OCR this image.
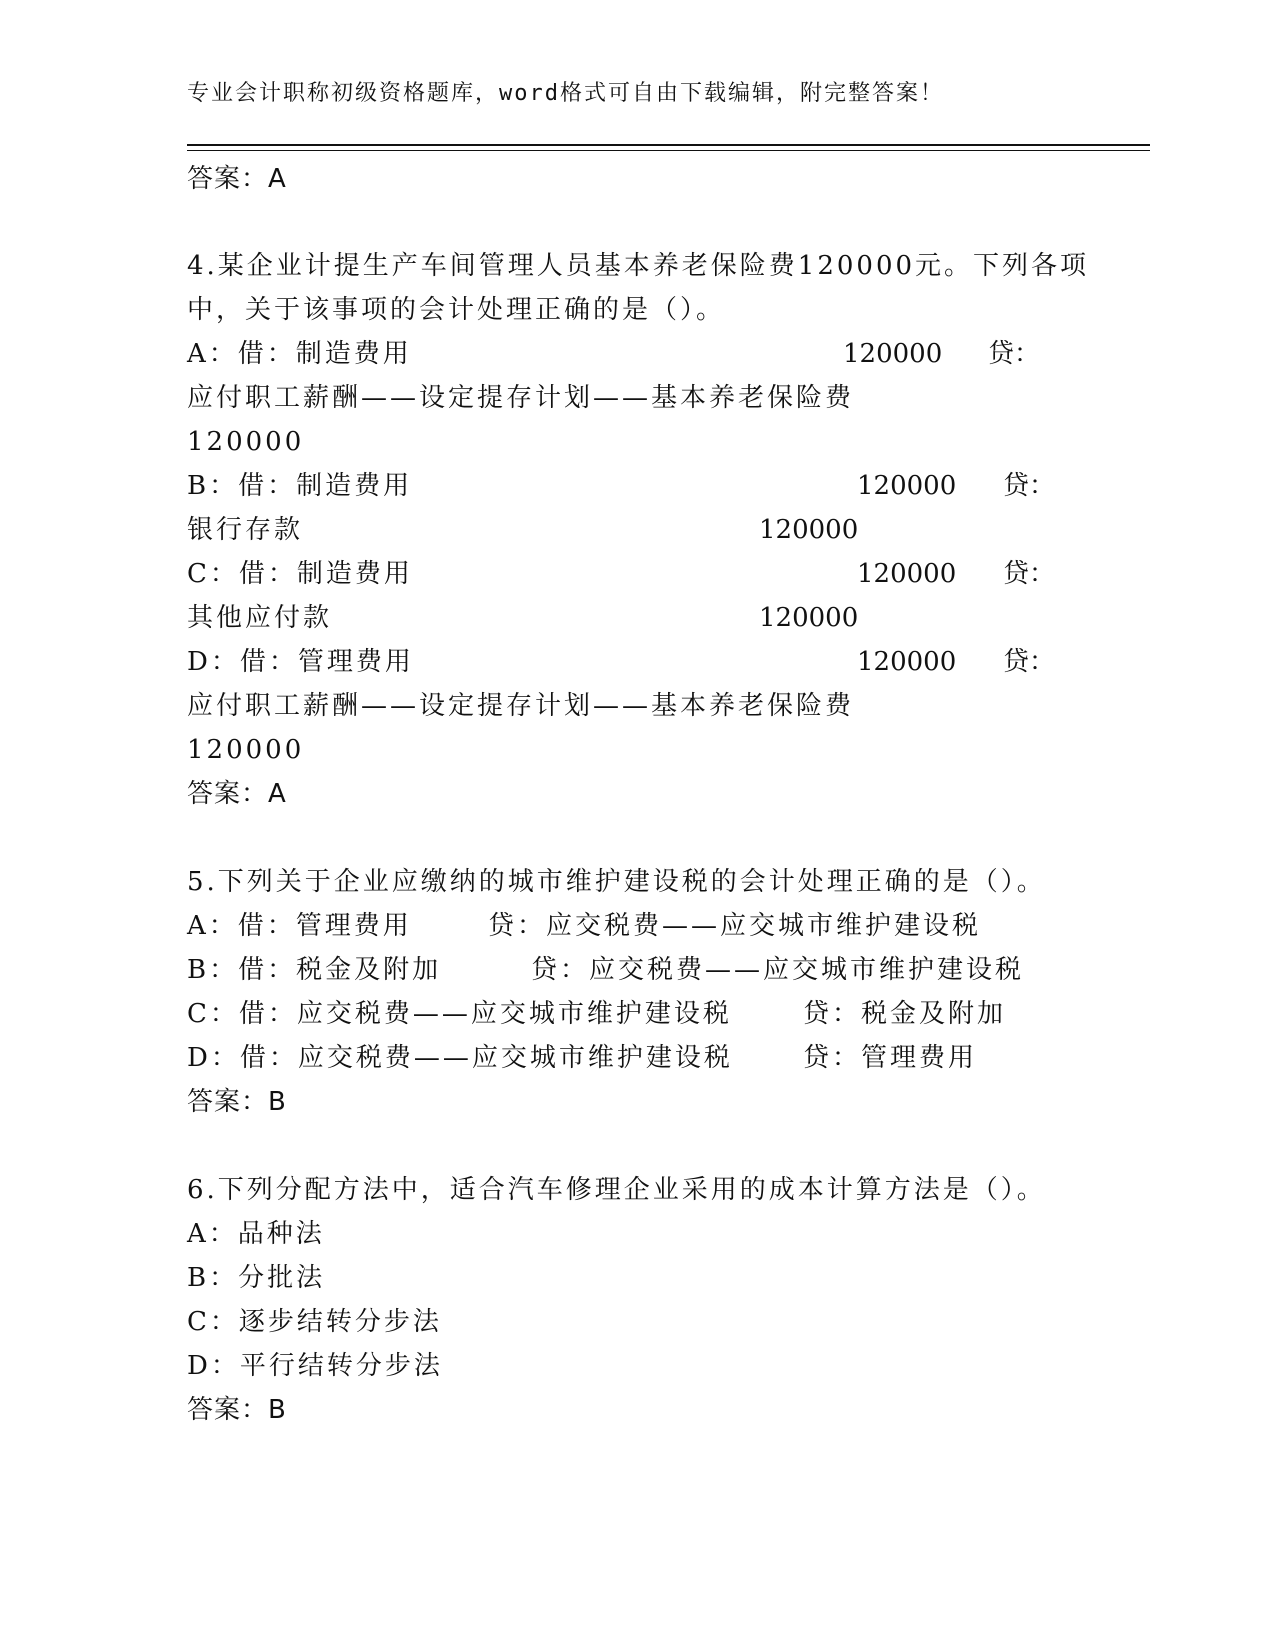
专业会计职称初级资格题库，word格式可自由下载编辑，附完整答案！
答案：A
4.某企业计提生产车间管理人员基本养老保险费120000元。下列各项
中，关于该事项的会计处理正确的是（）。
A：借：制造费用	120000 贷：
应付职工薪酬——设定提存计划——基本养老保险费
120000
B：借：制造费用	120000 贷：
银行存款	120000
C：借：制造费用	120000 贷：
其他应付款	120000
D：借：管理费用	120000 贷：
应付职工薪酬——设定提存计划——基本养老保险费
120000
答案：A
5.下列关于企业应缴纳的城市维护建设税的会计处理正确的是（）。
A：借：管理费用	贷：应交税费——应交城市维护建设税
B：借：税金及附加	贷：应交税费——应交城市维护建设税
C：借：应交税费——应交城市维护建设税	贷：税金及附加
D：借：应交税费——应交城市维护建设税	贷：管理费用
答案：B
6.下列分配方法中，适合汽车修理企业采用的成本计算方法是（）。
A：品种法
B：分批法
C：逐步结转分步法
D：平行结转分步法
答案：B
